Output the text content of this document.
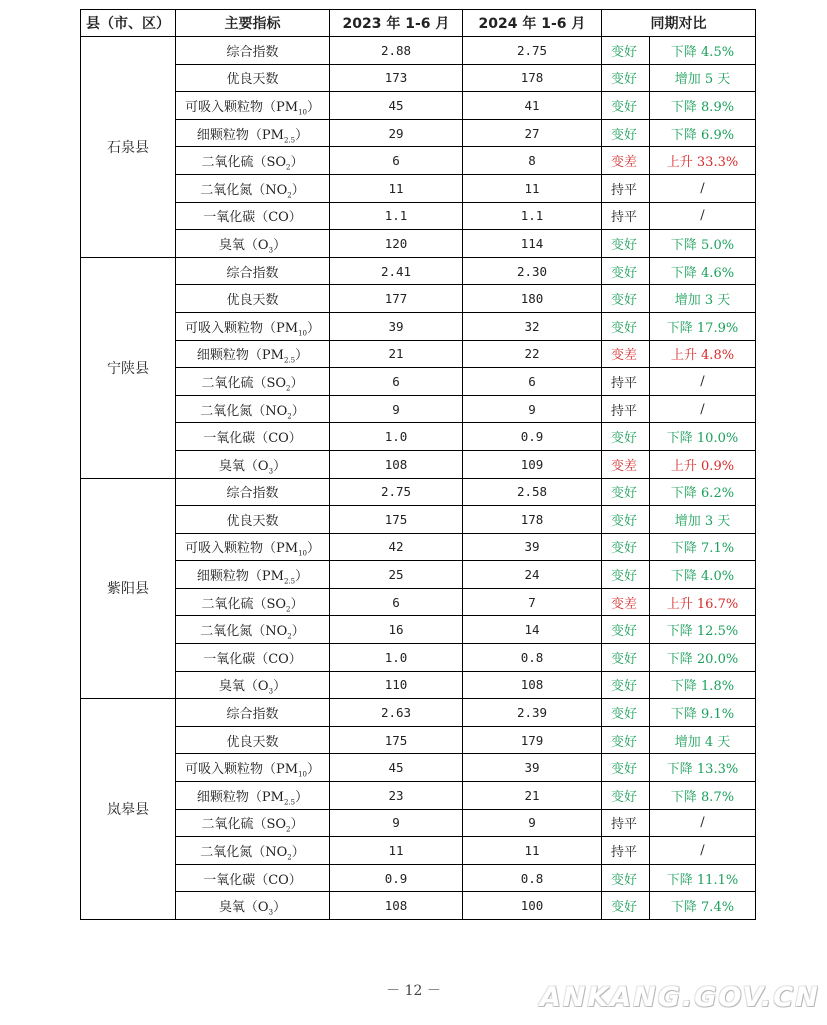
县（市、区）	主要指标	2023 年 1-6 月	2024 年 1-6 月	同期对比	
石泉县	综合指数	2.88	2.75	变好	下降 4.5%
	优良天数	173	178	变好	增加 5 天
	可吸入颗粒物$(PM_{10})$	45	41	变好	下降 8.9%
	细颗粒物$(PM_{2.5})$	29	27	变好	下降 6.9%
	二氧化硫$(SO_2)$	6	8	变差	上升 33.3%
	二氧化氮$(NO_2)$	11	11	持平	/
	一氧化碳（CO）	1.1	1.1	持平	/
	臭氧$(O_3)$	120	114	变好	下降 5.0%
宁陕县	综合指数	2.41	2.30	变好	下降 4.6%
	优良天数	177	180	变好	增加 3 天
	可吸入颗粒物$(PM_{10})$	39	32	变好	下降 17.9%
	细颗粒物$(PM_{2.5})$	21	22	变差	上升 4.8%
	二氧化硫$(SO_2)$	6	6	持平	/
	二氧化氮$(NO_2)$	9	9	持平	/
	一氧化碳（CO）	1.0	0.9	变好	下降 10.0%
	臭氧$(O_3)$	108	109	变差	上升 0.9%
紫阳县	综合指数	2.75	2.58	变好	下降 6.2%
	优良天数	175	178	变好	增加 3 天
	可吸入颗粒物$(PM_{10})$	42	39	变好	下降 7.1%
	细颗粒物$(PM_{2.5})$	25	24	变好	下降 4.0%
	二氧化硫$(SO_2)$	6	7	变差	上升 16.7%
	二氧化氮$(NO_2)$	16	14	变好	下降 12.5%
	一氧化碳（CO）	1.0	0.8	变好	下降 20.0%
	臭氧$(O_3)$	110	108	变好	下降 1.8%
岚皋县	综合指数	2.63	2.39	变好	下降 9.1%
	优良天数	175	179	变好	增加 4 天
	可吸入颗粒物$(PM_{10})$	45	39	变好	下降 13.3%
	细颗粒物$(PM_{2.5})$	23	21	变好	下降 8.7%
	二氧化硫$(SO_2)$	9	9	持平	/
	二氧化氮$(NO_2)$	11	11	持平	/
	一氧化碳（CO）	0.9	0.8	变好	下降 11.1%
	臭氧$(O_3)$	108	100	变好	下降 7.4%
－ 12 －	ANKANG.GOV.CN
